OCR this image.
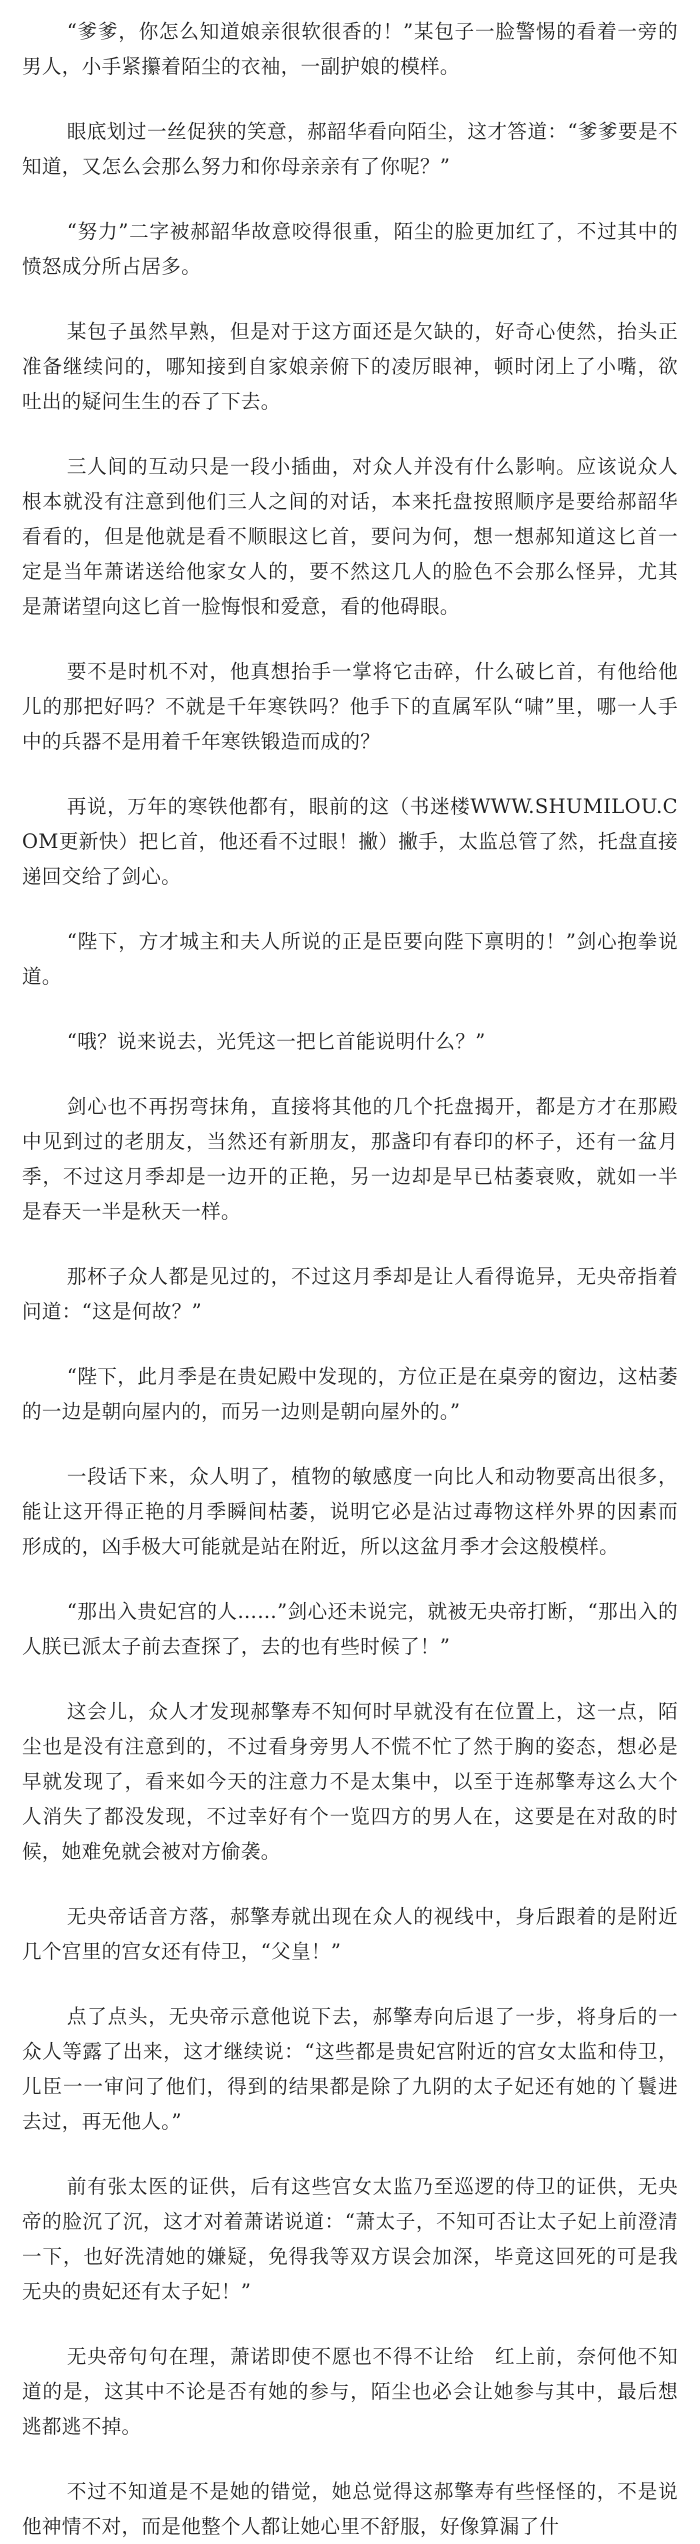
“爹爹，你怎么知道娘亲很软很香的！”某包子一脸警惕的看着一旁的男人，小手紧攥着陌尘的衣袖，一副护娘的模样。

眼底划过一丝促狭的笑意，郝韶华看向陌尘，这才答道：“爹爹要是不知道，又怎么会那么努力和你母亲亲有了你呢？”

“努力”二字被郝韶华故意咬得很重，陌尘的脸更加红了，不过其中的愤怒成分所占居多。

某包子虽然早熟，但是对于这方面还是欠缺的，好奇心使然，抬头正准备继续问的，哪知接到自家娘亲俯下的凌厉眼神，顿时闭上了小嘴，欲吐出的疑问生生的吞了下去。

三人间的互动只是一段小插曲，对众人并没有什么影响。应该说众人根本就没有注意到他们三人之间的对话，本来托盘按照顺序是要给郝韶华看看的，但是他就是看不顺眼这匕首，要问为何，想一想郝知道这匕首一定是当年萧诺送给他家女人的，要不然这几人的脸色不会那么怪异，尤其是萧诺望向这匕首一脸悔恨和爱意，看的他碍眼。

要不是时机不对，他真想抬手一掌将它击碎，什么破匕首，有他给他儿的那把好吗？不就是千年寒铁吗？他手下的直属军队“啸”里，哪一人手中的兵器不是用着千年寒铁锻造而成的？

再说，万年的寒铁他都有，眼前的这（书迷楼WWW.SHUMILOU.COM更新快）把匕首，他还看不过眼！撇）撇手，太监总管了然，托盘直接递回交给了剑心。

“陛下，方才城主和夫人所说的正是臣要向陛下禀明的！”剑心抱拳说道。

“哦？说来说去，光凭这一把匕首能说明什么？”

剑心也不再拐弯抹角，直接将其他的几个托盘揭开，都是方才在那殿中见到过的老朋友，当然还有新朋友，那盏印有春印的杯子，还有一盆月季，不过这月季却是一边开的正艳，另一边却是早已枯萎衰败，就如一半是春天一半是秋天一样。

那杯子众人都是见过的，不过这月季却是让人看得诡异，无央帝指着问道：“这是何故？”

“陛下，此月季是在贵妃殿中发现的，方位正是在桌旁的窗边，这枯萎的一边是朝向屋内的，而另一边则是朝向屋外的。”

一段话下来，众人明了，植物的敏感度一向比人和动物要高出很多，能让这开得正艳的月季瞬间枯萎，说明它必是沾过毒物这样外界的因素而形成的，凶手极大可能就是站在附近，所以这盆月季才会这般模样。

“那出入贵妃宫的人……”剑心还未说完，就被无央帝打断，“那出入的人朕已派太子前去查探了，去的也有些时候了！”

这会儿，众人才发现郝擎寿不知何时早就没有在位置上，这一点，陌尘也是没有注意到的，不过看身旁男人不慌不忙了然于胸的姿态，想必是早就发现了，看来如今天的注意力不是太集中，以至于连郝擎寿这么大个人消失了都没发现，不过幸好有个一览四方的男人在，这要是在对敌的时候，她难免就会被对方偷袭。

无央帝话音方落，郝擎寿就出现在众人的视线中，身后跟着的是附近几个宫里的宫女还有侍卫，“父皇！”

点了点头，无央帝示意他说下去，郝擎寿向后退了一步，将身后的一众人等露了出来，这才继续说：“这些都是贵妃宫附近的宫女太监和侍卫，儿臣一一审问了他们，得到的结果都是除了九阴的太子妃还有她的丫鬟进去过，再无他人。”

前有张太医的证供，后有这些宫女太监乃至巡逻的侍卫的证供，无央帝的脸沉了沉，这才对着萧诺说道：“萧太子，不知可否让太子妃上前澄清一下，也好洗清她的嫌疑，免得我等双方误会加深，毕竟这回死的可是我无央的贵妃还有太子妃！”

无央帝句句在理，萧诺即使不愿也不得不让给　红上前，奈何他不知道的是，这其中不论是否有她的参与，陌尘也必会让她参与其中，最后想逃都逃不掉。

不过不知道是不是她的错觉，她总觉得这郝擎寿有些怪怪的，不是说他神情不对，而是他整个人都让她心里不舒服，好像算漏了什
